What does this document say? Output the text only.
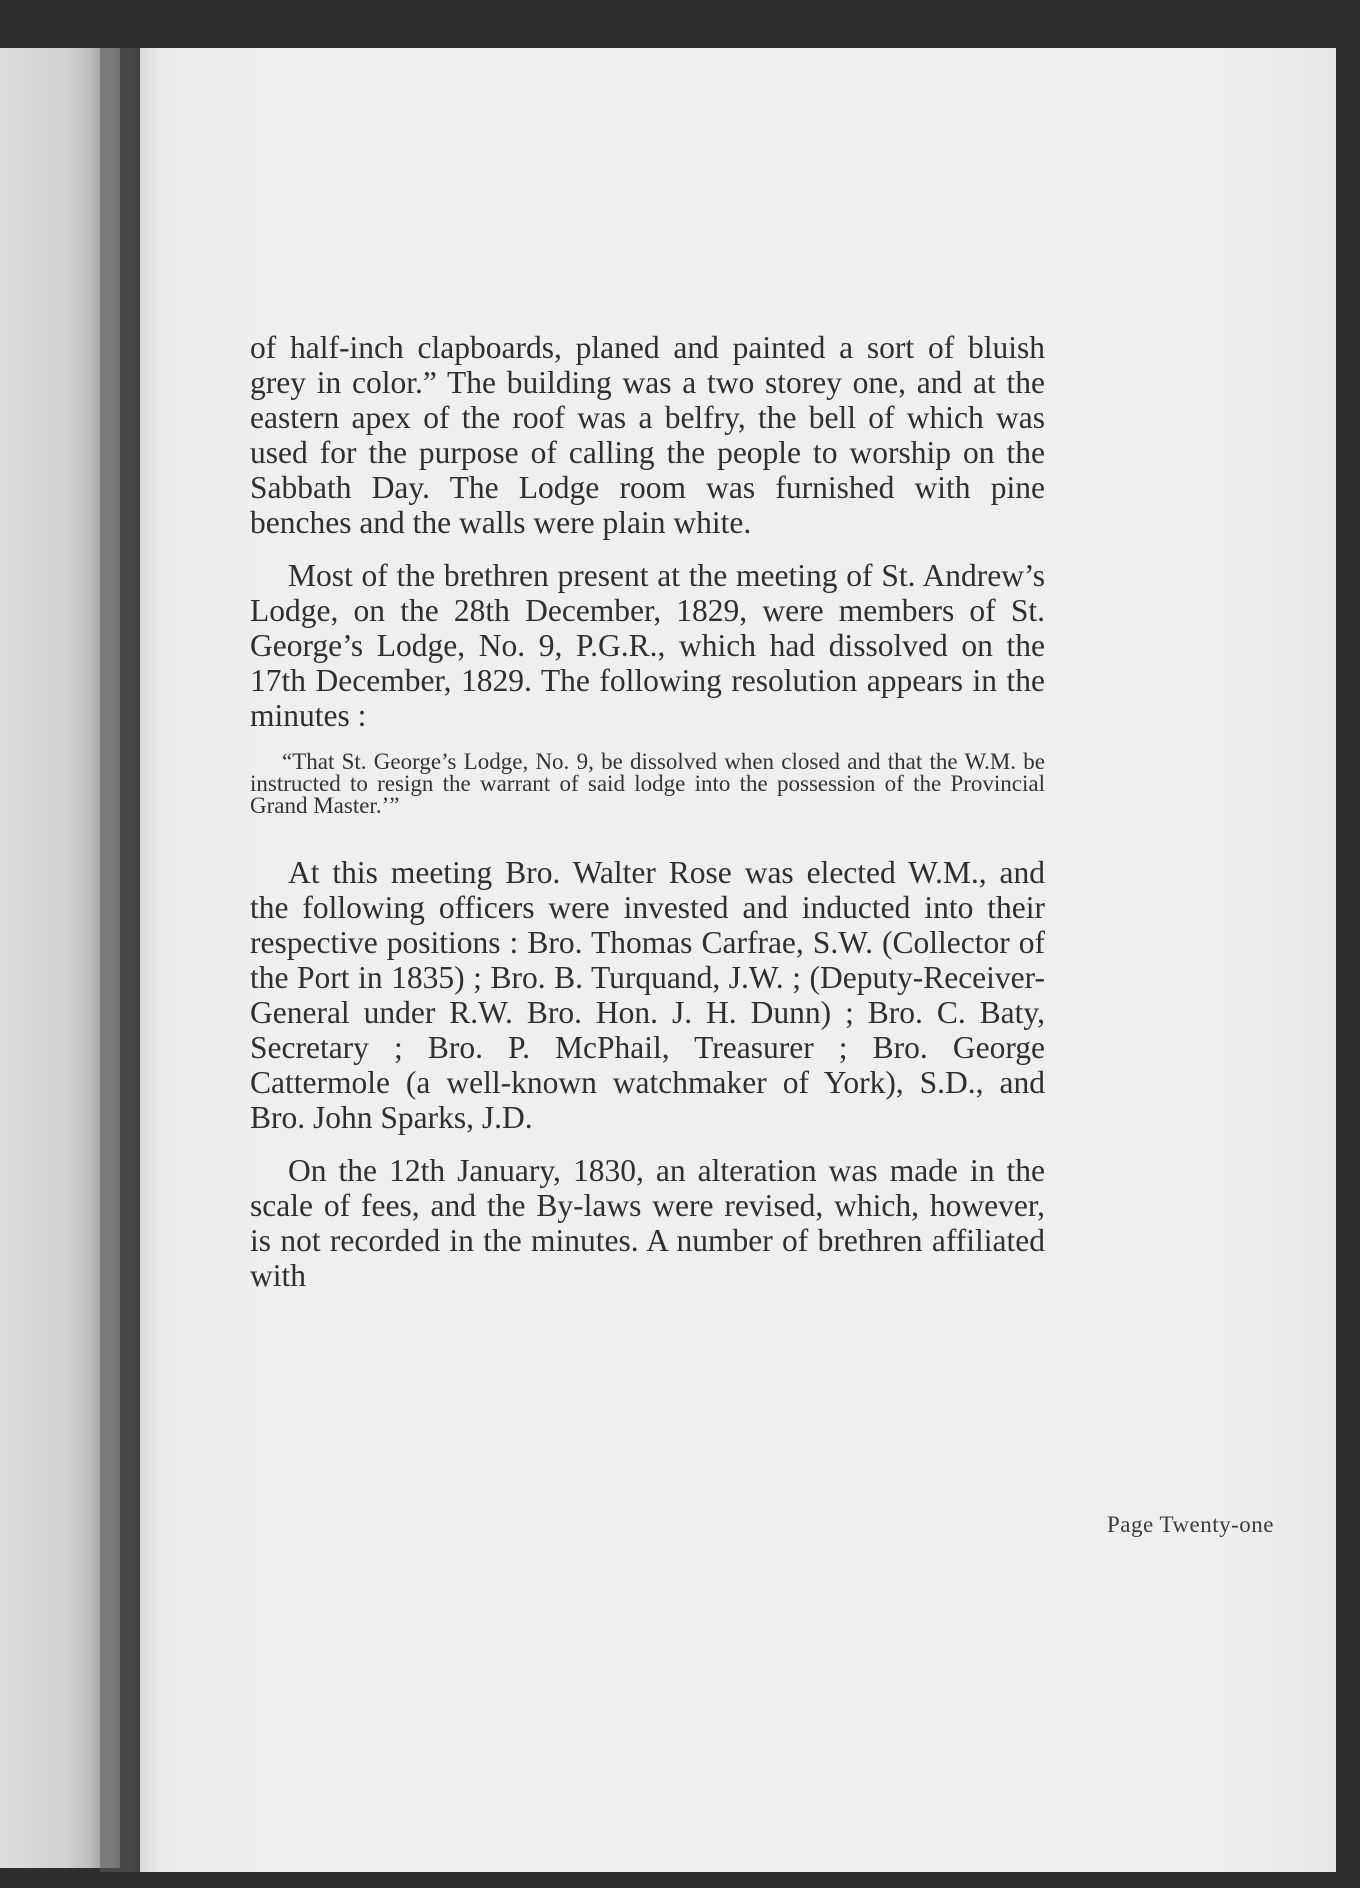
of half-inch clapboards, planed and painted a sort of bluish grey in color.” The building was a two storey one, and at the eastern apex of the roof was a belfry, the bell of which was used for the purpose of calling the people to worship on the Sabbath Day. The Lodge room was furnished with pine benches and the walls were plain white.

Most of the brethren present at the meeting of St. Andrew’s Lodge, on the 28th December, 1829, were members of St. George’s Lodge, No. 9, P.G.R., which had dissolved on the 17th December, 1829. The following resolution appears in the minutes :

“That St. George’s Lodge, No. 9, be dissolved when closed and that the W.M. be instructed to resign the warrant of said lodge into the possession of the Provincial Grand Master.’”

At this meeting Bro. Walter Rose was elected W.M., and the following officers were invested and inducted into their respective positions : Bro. Thomas Carfrae, S.W. (Collector of the Port in 1835) ; Bro. B. Turquand, J.W. ; (Deputy-Receiver-General under R.W. Bro. Hon. J. H. Dunn) ; Bro. C. Baty, Secretary ; Bro. P. McPhail, Treasurer ; Bro. George Cattermole (a well-known watchmaker of York), S.D., and Bro. John Sparks, J.D.

On the 12th January, 1830, an alteration was made in the scale of fees, and the By-laws were revised, which, however, is not recorded in the minutes. A number of brethren affiliated with

Page Twenty-one
